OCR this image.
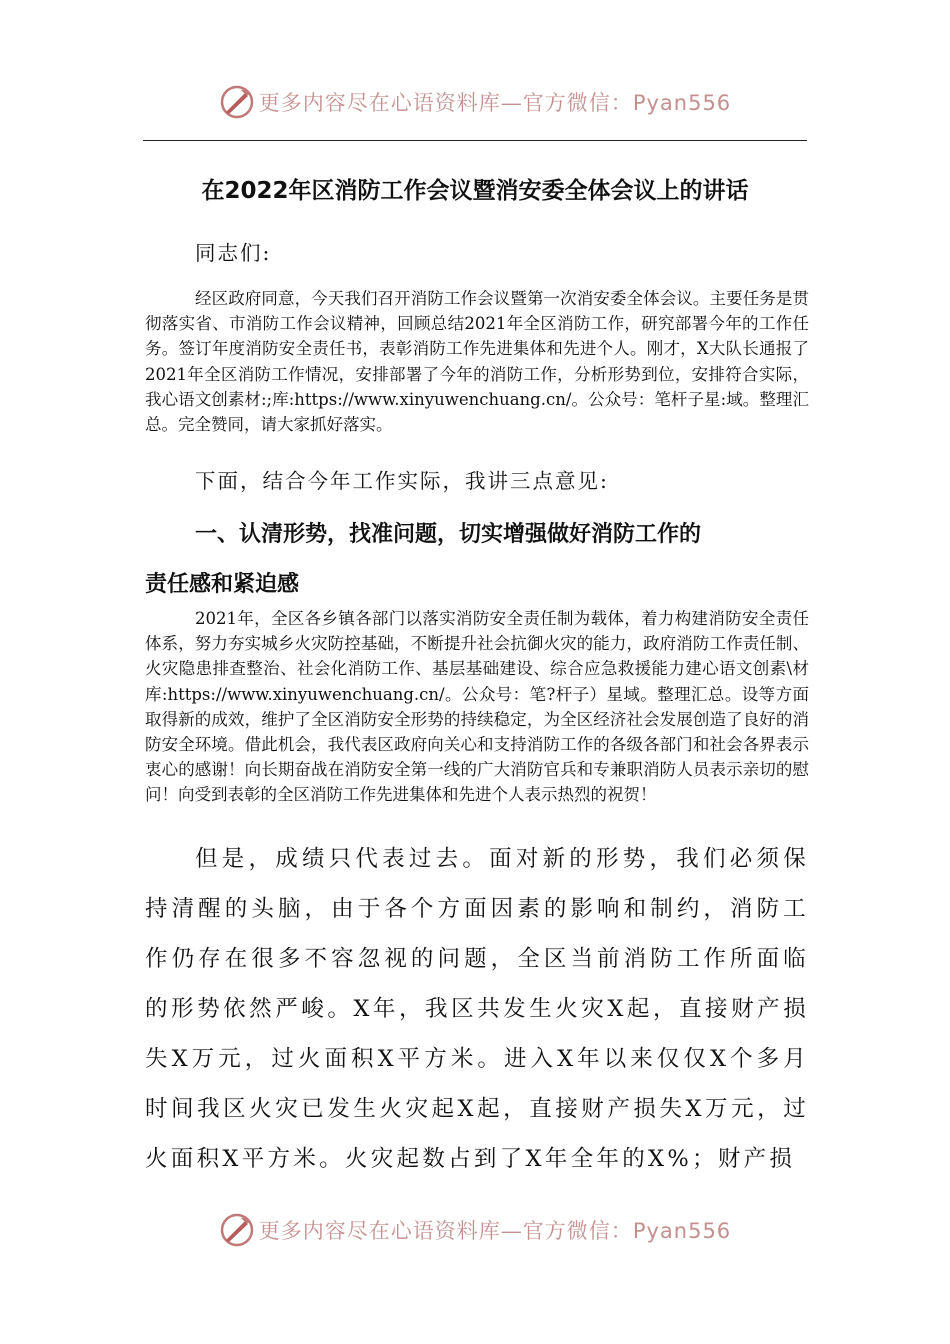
更多内容尽在心语资料库—官方微信：Pyan556
在2022年区消防工作会议暨消安委全体会议上的讲话

同志们:

经区政府同意，今天我们召开消防工作会议暨第一次消安委全体会议。主要任务是贯彻落实省、市消防工作会议精神，回顾总结2021年全区消防工作，研究部署今年的工作任务。签订年度消防安全责任书，表彰消防工作先进集体和先进个人。刚才，X大队长通报了2021年全区消防工作情况，安排部署了今年的消防工作，分析形势到位，安排符合实际，我心语文创素材:;库:https://www.xinyuwenchuang.cn/。公众号：笔杆子星:域。整理汇总。完全赞同，请大家抓好落实。

下面，结合今年工作实际，我讲三点意见:

一、认清形势，找准问题，切实增强做好消防工作的
责任感和紧迫感

2021年，全区各乡镇各部门以落实消防安全责任制为载体，着力构建消防安全责任体系，努力夯实城乡火灾防控基础，不断提升社会抗御火灾的能力，政府消防工作责任制、火灾隐患排查整治、社会化消防工作、基层基础建设、综合应急救援能力建心语文创素\材库:https://www.xinyuwenchuang.cn/。公众号：笔?杆子）星域。整理汇总。设等方面取得新的成效，维护了全区消防安全形势的持续稳定，为全区经济社会发展创造了良好的消防安全环境。借此机会，我代表区政府向关心和支持消防工作的各级各部门和社会各界表示衷心的感谢！向长期奋战在消防安全第一线的广大消防官兵和专兼职消防人员表示亲切的慰问！向受到表彰的全区消防工作先进集体和先进个人表示热烈的祝贺！

但是，成绩只代表过去。面对新的形势，我们必须保持清醒的头脑，由于各个方面因素的影响和制约，消防工作仍存在很多不容忽视的问题，全区当前消防工作所面临的形势依然严峻。X年，我区共发生火灾X起，直接财产损失X万元，过火面积X平方米。进入X年以来仅仅X个多月时间我区火灾已发生火灾起X起，直接财产损失X万元，过火面积X平方米。火灾起数占到了X年全年的X%；财产损

更多内容尽在心语资料库—官方微信：Pyan556
